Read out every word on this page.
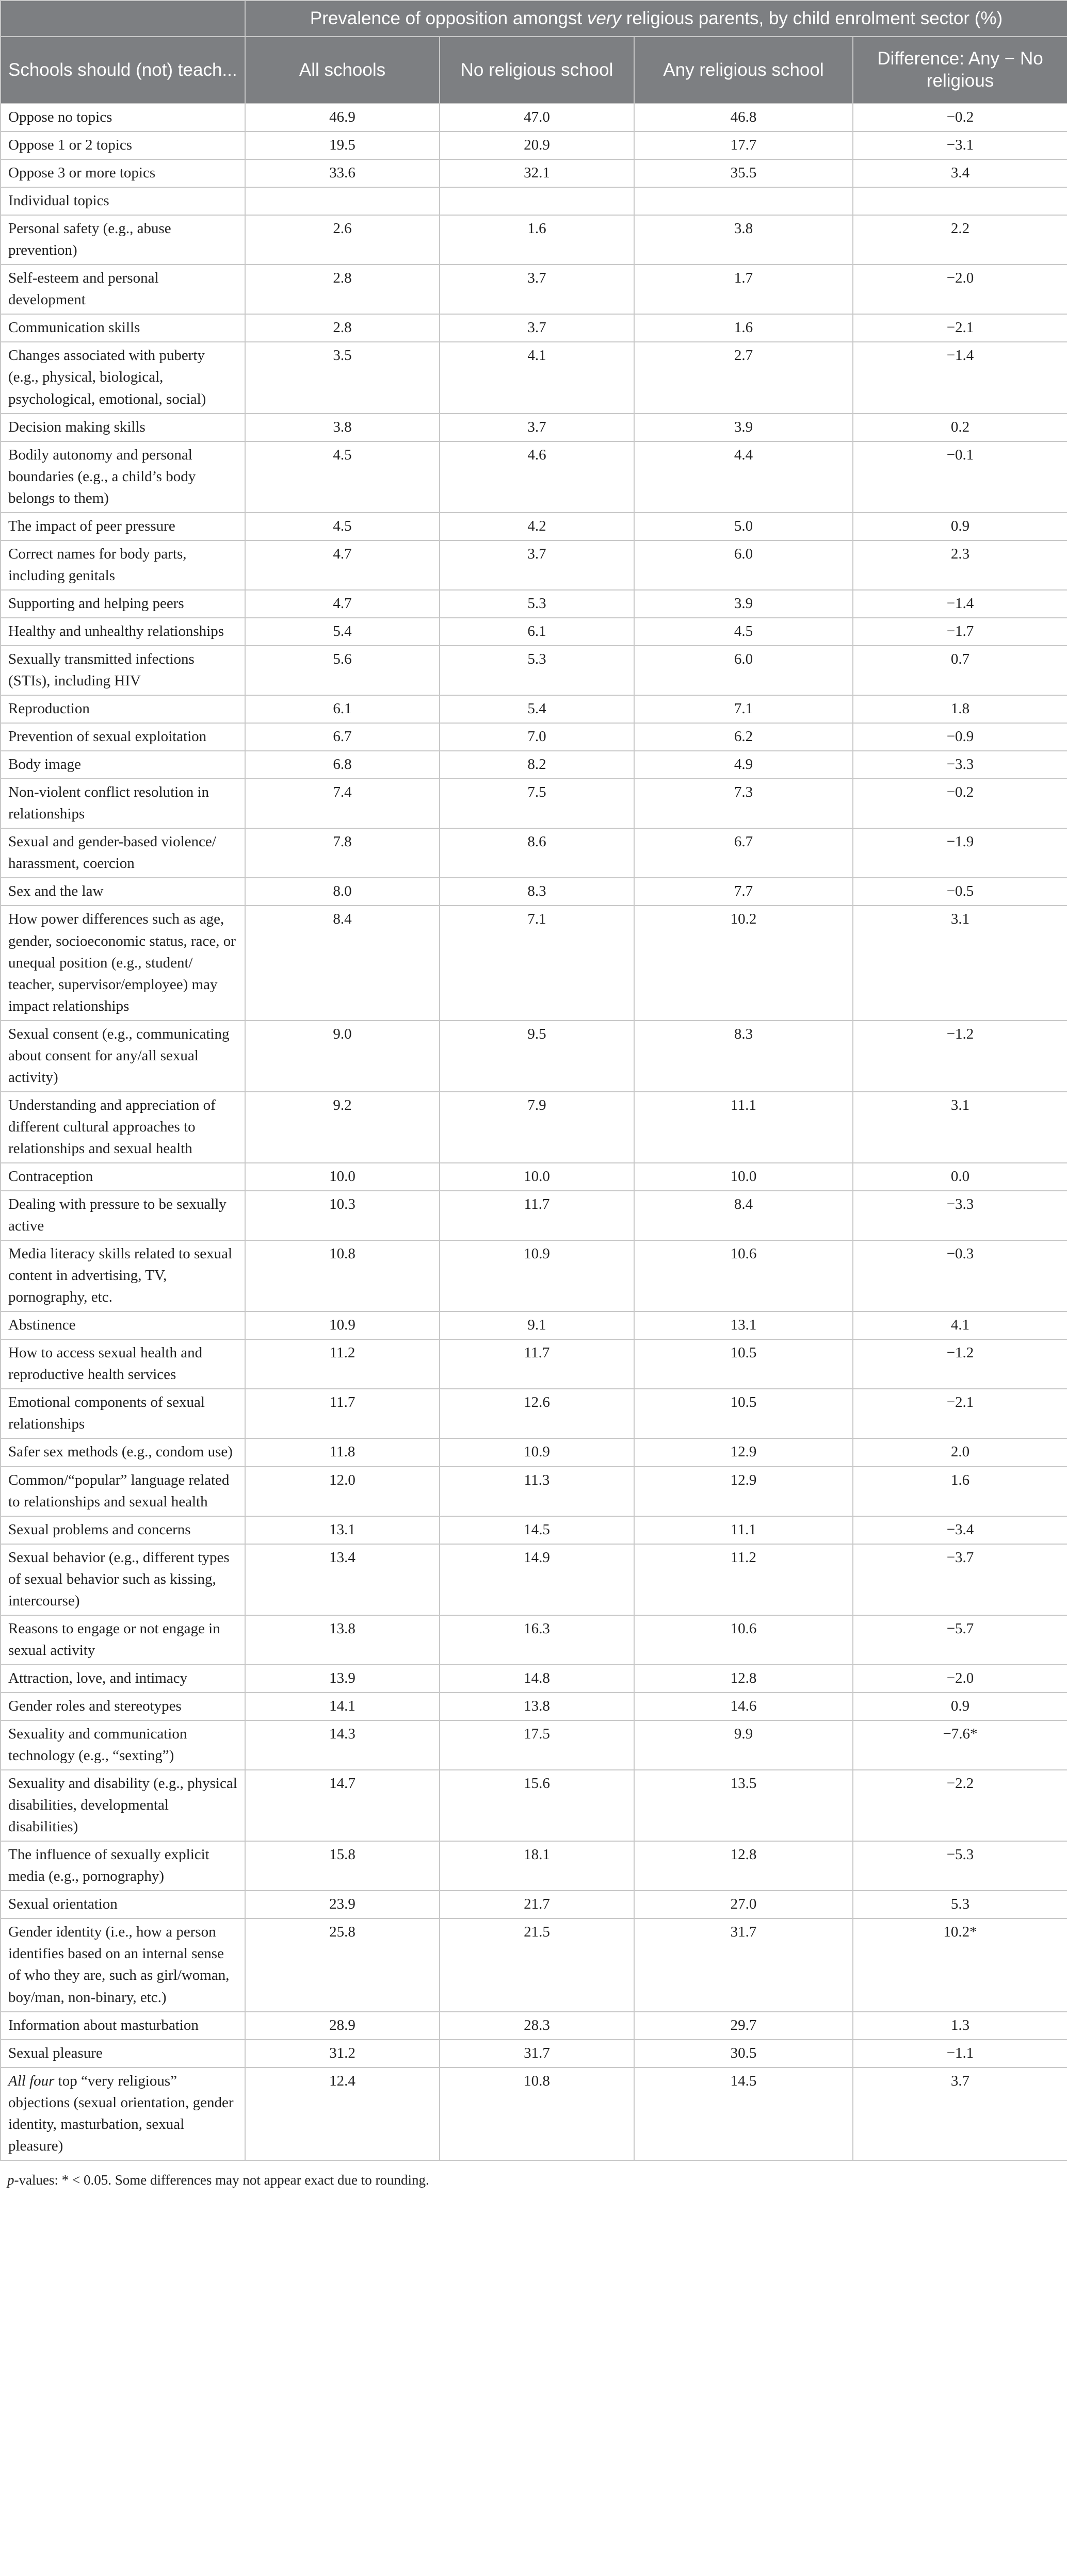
	Prevalence of opposition amongst very religious parents, by child enrolment sector (%)			
Schools should (not) teach...	All schools	No religious school	Any religious school	Difference: Any − No religious
Oppose no topics	46.9	47.0	46.8	−0.2
Oppose 1 or 2 topics	19.5	20.9	17.7	−3.1
Oppose 3 or more topics	33.6	32.1	35.5	3.4
Individual topics				
Personal safety (e.g., abuse prevention)	2.6	1.6	3.8	2.2
Self-esteem and personal development	2.8	3.7	1.7	−2.0
Communication skills	2.8	3.7	1.6	−2.1
Changes associated with puberty (e.g., physical, biological, psychological, emotional, social)	3.5	4.1	2.7	−1.4
Decision making skills	3.8	3.7	3.9	0.2
Bodily autonomy and personal boundaries (e.g., a child’s body belongs to them)	4.5	4.6	4.4	−0.1
The impact of peer pressure	4.5	4.2	5.0	0.9
Correct names for body parts, including genitals	4.7	3.7	6.0	2.3
Supporting and helping peers	4.7	5.3	3.9	−1.4
Healthy and unhealthy relationships	5.4	6.1	4.5	−1.7
Sexually transmitted infections (STIs), including HIV	5.6	5.3	6.0	0.7
Reproduction	6.1	5.4	7.1	1.8
Prevention of sexual exploitation	6.7	7.0	6.2	−0.9
Body image	6.8	8.2	4.9	−3.3
Non-violent conflict resolution in relationships	7.4	7.5	7.3	−0.2
Sexual and gender-based violence/ harassment, coercion	7.8	8.6	6.7	−1.9
Sex and the law	8.0	8.3	7.7	−0.5
How power differences such as age, gender, socioeconomic status, race, or unequal position (e.g., student/ teacher, supervisor/employee) may impact relationships	8.4	7.1	10.2	3.1
Sexual consent (e.g., communicating about consent for any/all sexual activity)	9.0	9.5	8.3	−1.2
Understanding and appreciation of different cultural approaches to relationships and sexual health	9.2	7.9	11.1	3.1
Contraception	10.0	10.0	10.0	0.0
Dealing with pressure to be sexually active	10.3	11.7	8.4	−3.3
Media literacy skills related to sexual content in advertising, TV, pornography, etc.	10.8	10.9	10.6	−0.3
Abstinence	10.9	9.1	13.1	4.1
How to access sexual health and reproductive health services	11.2	11.7	10.5	−1.2
Emotional components of sexual relationships	11.7	12.6	10.5	−2.1
Safer sex methods (e.g., condom use)	11.8	10.9	12.9	2.0
Common/“popular” language related to relationships and sexual health	12.0	11.3	12.9	1.6
Sexual problems and concerns	13.1	14.5	11.1	−3.4
Sexual behavior (e.g., different types of sexual behavior such as kissing, intercourse)	13.4	14.9	11.2	−3.7
Reasons to engage or not engage in sexual activity	13.8	16.3	10.6	−5.7
Attraction, love, and intimacy	13.9	14.8	12.8	−2.0
Gender roles and stereotypes	14.1	13.8	14.6	0.9
Sexuality and communication technology (e.g., “sexting”)	14.3	17.5	9.9	−7.6*
Sexuality and disability (e.g., physical disabilities, developmental disabilities)	14.7	15.6	13.5	−2.2
The influence of sexually explicit media (e.g., pornography)	15.8	18.1	12.8	−5.3
Sexual orientation	23.9	21.7	27.0	5.3
Gender identity (i.e., how a person identifies based on an internal sense of who they are, such as girl/woman, boy/man, non-binary, etc.)	25.8	21.5	31.7	10.2*
Information about masturbation	28.9	28.3	29.7	1.3
Sexual pleasure	31.2	31.7	30.5	−1.1
All four top “very religious” objections (sexual orientation, gender identity, masturbation, sexual pleasure)	12.4	10.8	14.5	3.7
p-values: * < 0.05. Some differences may not appear exact due to rounding.
